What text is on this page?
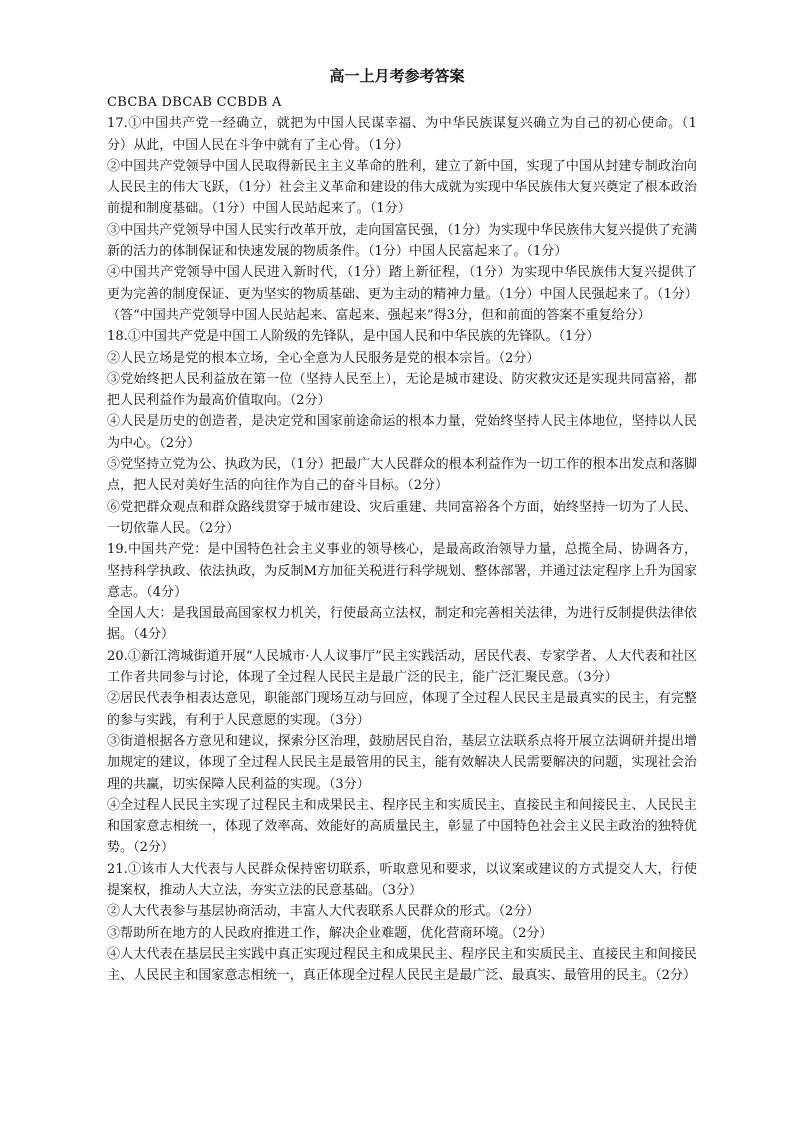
高一上月考参考答案

CBCBA DBCAB CCBDB A

17.①中国共产党一经确立，就把为中国人民谋幸福、为中华民族谋复兴确立为自己的初心使命。（1分）从此，中国人民在斗争中就有了主心骨。（1分）

②中国共产党领导中国人民取得新民主主义革命的胜利，建立了新中国，实现了中国从封建专制政治向人民民主的伟大飞跃，（1分）社会主义革命和建设的伟大成就为实现中华民族伟大复兴奠定了根本政治前提和制度基础。（1分）中国人民站起来了。（1分）

③中国共产党领导中国人民实行改革开放，走向国富民强，（1分）为实现中华民族伟大复兴提供了充满新的活力的体制保证和快速发展的物质条件。（1分）中国人民富起来了。（1分）

④中国共产党领导中国人民进入新时代，（1分）踏上新征程，（1分）为实现中华民族伟大复兴提供了更为完善的制度保证、更为坚实的物质基础、更为主动的精神力量。（1分）中国人民强起来了。（1分）

（答“中国共产党领导中国人民站起来、富起来、强起来”得3分，但和前面的答案不重复给分）

18.①中国共产党是中国工人阶级的先锋队，是中国人民和中华民族的先锋队。（1分）

②人民立场是党的根本立场，全心全意为人民服务是党的根本宗旨。（2分）

③党始终把人民利益放在第一位（坚持人民至上），无论是城市建设、防灾救灾还是实现共同富裕，都把人民利益作为最高价值取向。（2分）

④人民是历史的创造者，是决定党和国家前途命运的根本力量，党始终坚持人民主体地位，坚持以人民为中心。（2分）

⑤党坚持立党为公、执政为民，（1分）把最广大人民群众的根本利益作为一切工作的根本出发点和落脚点，把人民对美好生活的向往作为自己的奋斗目标。（2分）

⑥党把群众观点和群众路线贯穿于城市建设、灾后重建、共同富裕各个方面，始终坚持一切为了人民、一切依靠人民。（2分）

19.中国共产党：是中国特色社会主义事业的领导核心，是最高政治领导力量，总揽全局、协调各方，坚持科学执政、依法执政，为反制M方加征关税进行科学规划、整体部署，并通过法定程序上升为国家意志。（4分）

全国人大：是我国最高国家权力机关，行使最高立法权，制定和完善相关法律，为进行反制提供法律依据。（4分）

20.①新江湾城街道开展“人民城市·人人议事厅”民主实践活动，居民代表、专家学者、人大代表和社区工作者共同参与讨论，体现了全过程人民民主是最广泛的民主，能广泛汇聚民意。（3分）

②居民代表争相表达意见，职能部门现场互动与回应，体现了全过程人民民主是最真实的民主，有完整的参与实践，有利于人民意愿的实现。（3分）

③街道根据各方意见和建议，探索分区治理，鼓励居民自治，基层立法联系点将开展立法调研并提出增加规定的建议，体现了全过程人民民主是最管用的民主，能有效解决人民需要解决的问题，实现社会治理的共赢，切实保障人民利益的实现。（3分）

④全过程人民民主实现了过程民主和成果民主、程序民主和实质民主、直接民主和间接民主、人民民主和国家意志相统一，体现了效率高、效能好的高质量民主，彰显了中国特色社会主义民主政治的独特优势。（2分）

21.①该市人大代表与人民群众保持密切联系，听取意见和要求，以议案或建议的方式提交人大，行使提案权，推动人大立法，夯实立法的民意基础。（3分）

②人大代表参与基层协商活动，丰富人大代表联系人民群众的形式。（2分）

③帮助所在地方的人民政府推进工作，解决企业难题，优化营商环境。（2分）

④人大代表在基层民主实践中真正实现过程民主和成果民主、程序民主和实质民主、直接民主和间接民主、人民民主和国家意志相统一，真正体现全过程人民民主是最广泛、最真实、最管用的民主。（2分）
